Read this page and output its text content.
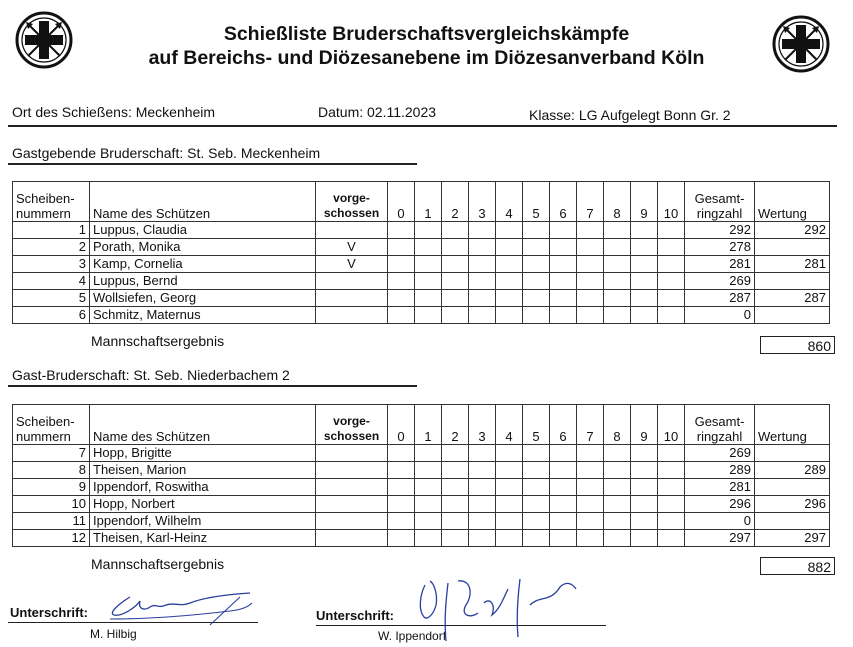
Schießliste Bruderschaftsvergleichskämpfe
auf Bereichs- und Diözesanebene im Diözesanverband Köln
Ort des Schießens: Meckenheim	Datum: 02.11.2023	Klasse: LG Aufgelegt Bonn Gr. 2
Gastgebende Bruderschaft: St. Seb. Meckenheim
Scheiben-
nummern	Name des Schützen	vorge-
schossen	0	1	2	3	4	5	6	7	8	9	10	Gesamt-
ringzahl	Wertung
1	Luppus, Claudia													292	292
2	Porath, Monika	V												278	
3	Kamp, Cornelia	V												281	281
4	Luppus, Bernd													269	
5	Wollsiefen, Georg													287	287
6	Schmitz, Maternus													0	
Mannschaftsergebnis	860
Gast-Bruderschaft: St. Seb. Niederbachem 2
Scheiben-
nummern	Name des Schützen	vorge-
schossen	0	1	2	3	4	5	6	7	8	9	10	Gesamt-
ringzahl	Wertung
7	Hopp, Brigitte													269	
8	Theisen, Marion													289	289
9	Ippendorf, Roswitha													281	
10	Hopp, Norbert													296	296
11	Ippendorf, Wilhelm													0	
12	Theisen, Karl-Heinz													297	297
Mannschaftsergebnis	882
Unterschrift:
M. Hilbig
Unterschrift:
W. Ippendorf
